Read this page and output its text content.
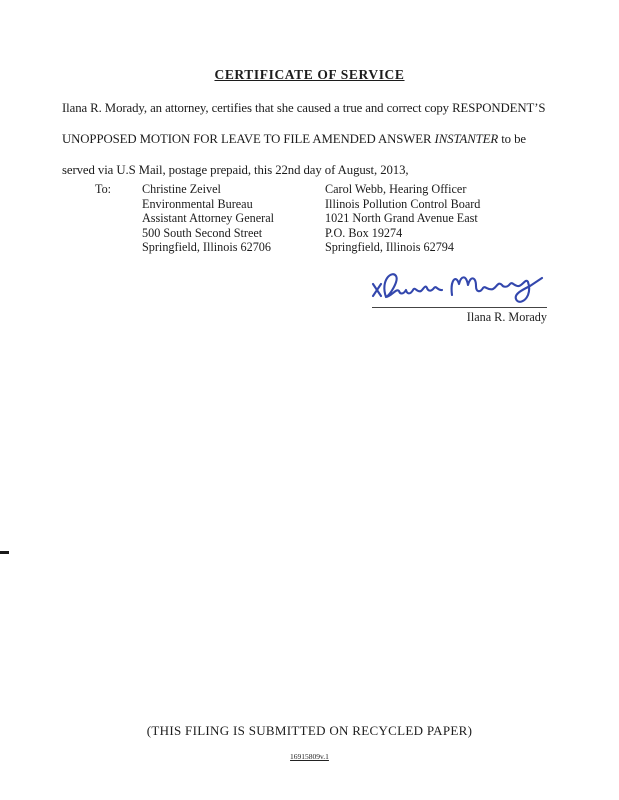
CERTIFICATE OF SERVICE
Ilana R. Morady, an attorney, certifies that she caused a true and correct copy RESPONDENT’S
UNOPPOSED MOTION FOR LEAVE TO FILE AMENDED ANSWER INSTANTER to be
served via U.S Mail, postage prepaid, this 22nd day of August, 2013,
To:	Christine Zeivel
Environmental Bureau
Assistant Attorney General
500 South Second Street
Springfield, Illinois 62706
Carol Webb, Hearing Officer
Illinois Pollution Control Board
1021 North Grand Avenue East
P.O. Box 19274
Springfield, Illinois 62794
Ilana R. Morady
(THIS FILING IS SUBMITTED ON RECYCLED PAPER)
16915809v.1
